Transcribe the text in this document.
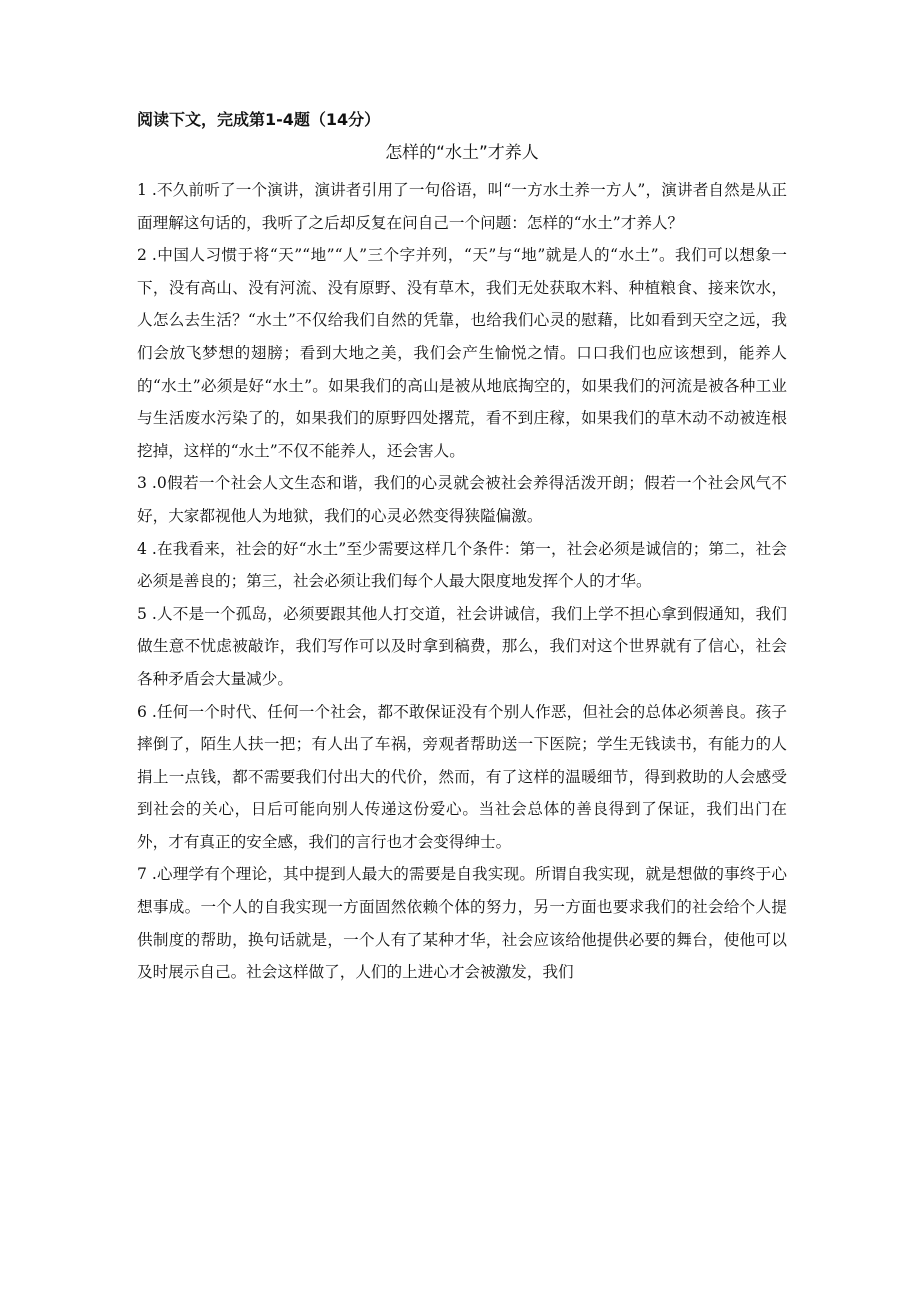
阅读下文，完成第1-4题（14分）

怎样的“水土”才养人

1 .不久前听了一个演讲，演讲者引用了一句俗语，叫“一方水土养一方人”，演讲者自然是从正面理解这句话的，我听了之后却反复在问自己一个问题：怎样的“水土”才养人？

2 .中国人习惯于将“天”“地”“人”三个字并列，“天”与“地”就是人的“水土”。我们可以想象一下，没有高山、没有河流、没有原野、没有草木，我们无处获取木料、种植粮食、接来饮水，人怎么去生活？“水土”不仅给我们自然的凭靠，也给我们心灵的慰藉，比如看到天空之远，我们会放飞梦想的翅膀；看到大地之美，我们会产生愉悦之情。口口我们也应该想到，能养人的“水土”必须是好“水土”。如果我们的高山是被从地底掏空的，如果我们的河流是被各种工业与生活废水污染了的，如果我们的原野四处撂荒，看不到庄稼，如果我们的草木动不动被连根挖掉，这样的“水土”不仅不能养人，还会害人。

3 .0假若一个社会人文生态和谐，我们的心灵就会被社会养得活泼开朗；假若一个社会风气不好，大家都视他人为地狱，我们的心灵必然变得狭隘偏激。

4 .在我看来，社会的好“水土”至少需要这样几个条件：第一，社会必须是诚信的；第二，社会必须是善良的；第三，社会必须让我们每个人最大限度地发挥个人的才华。

5 .人不是一个孤岛，必须要跟其他人打交道，社会讲诚信，我们上学不担心拿到假通知，我们做生意不忧虑被敲诈，我们写作可以及时拿到稿费，那么，我们对这个世界就有了信心，社会各种矛盾会大量减少。

6 .任何一个时代、任何一个社会，都不敢保证没有个别人作恶，但社会的总体必须善良。孩子摔倒了，陌生人扶一把；有人出了车祸，旁观者帮助送一下医院；学生无钱读书，有能力的人捐上一点钱，都不需要我们付出大的代价，然而，有了这样的温暖细节，得到救助的人会感受到社会的关心，日后可能向别人传递这份爱心。当社会总体的善良得到了保证，我们出门在外，才有真正的安全感，我们的言行也才会变得绅士。

7 .心理学有个理论，其中提到人最大的需要是自我实现。所谓自我实现，就是想做的事终于心想事成。一个人的自我实现一方面固然依赖个体的努力，另一方面也要求我们的社会给个人提供制度的帮助，换句话就是，一个人有了某种才华，社会应该给他提供必要的舞台，使他可以及时展示自己。社会这样做了，人们的上进心才会被激发，我们
